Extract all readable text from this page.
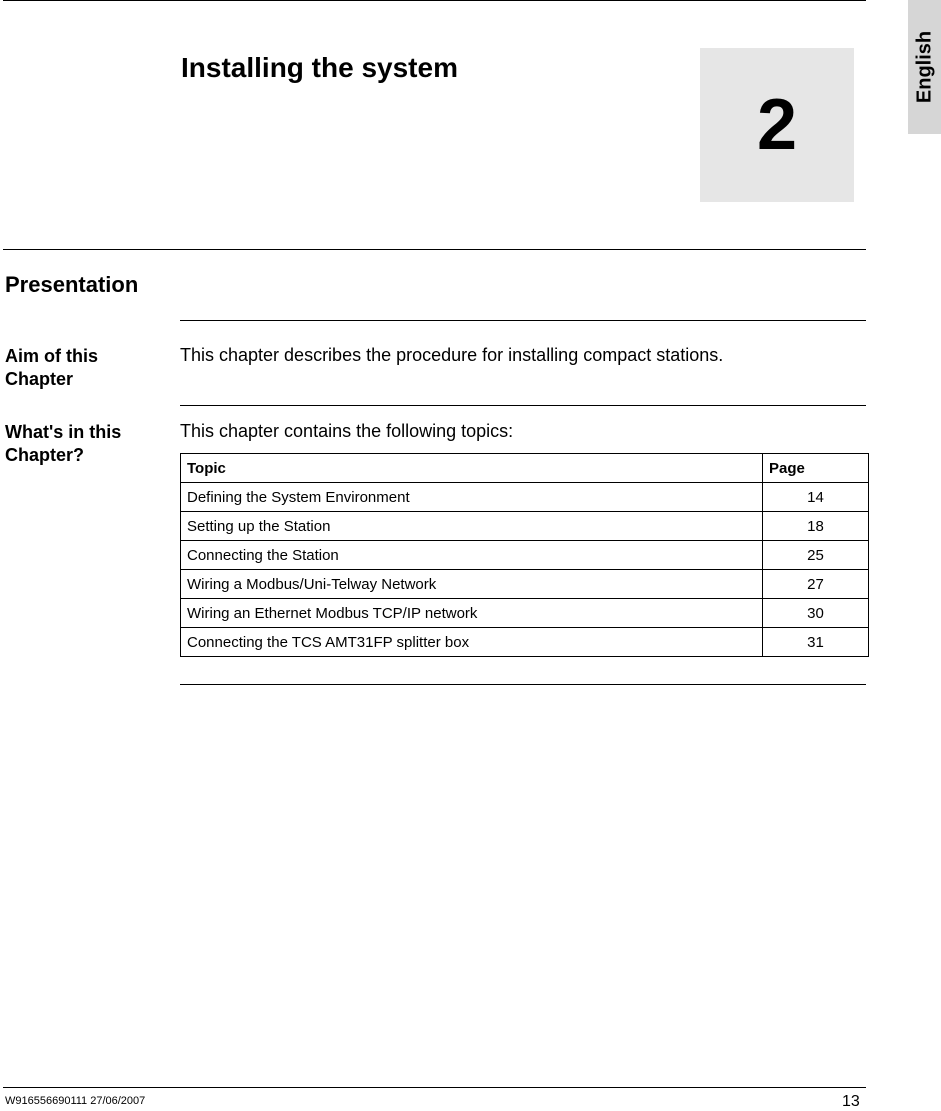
English
Installing the system
2
Presentation
Aim of this
Chapter
This chapter describes the procedure for installing compact stations.
What's in this
Chapter?
This chapter contains the following topics:
Topic	Page
Defining the System Environment	14
Setting up the Station	18
Connecting the Station	25
Wiring a Modbus/Uni-Telway Network	27
Wiring an Ethernet Modbus TCP/IP network	30
Connecting the TCS AMT31FP splitter box	31
W916556690111 27/06/2007	13
